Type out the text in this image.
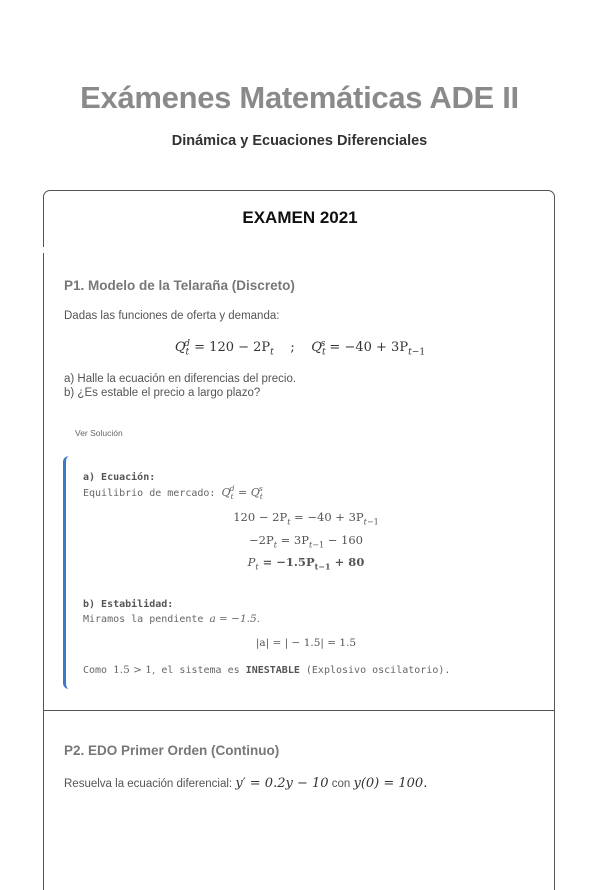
Exámenes Matemáticas ADE II
Dinámica y Ecuaciones Diferenciales
EXAMEN 2021
P1. Modelo de la Telaraña (Discreto)
Dadas las funciones de oferta y demanda:
$Q_t^d = 120 - 2P_t$    ;    $Q_t^s = -40 + 3P_{t-1}$
a) Halle la ecuación en diferencias del precio.
b) ¿Es estable el precio a largo plazo?
Ver Solución
a) Ecuación:
Equilibrio de mercado: $Q_t^d = Q_t^s$
$120 - 2P_t = -40 + 3P_{t-1}$
$-2P_t = 3P_{t-1} - 160$
$P_t = -1.5P_{t-1} + 80$
b) Estabilidad:
Miramos la pendiente a = −1.5.
|a| = | − 1.5| = 1.5
Como 1.5 > 1, el sistema es INESTABLE (Explosivo oscilatorio).
P2. EDO Primer Orden (Continuo)
Resuelva la ecuación diferencial: y′ = 0.2y − 10 con y(0) = 100.
